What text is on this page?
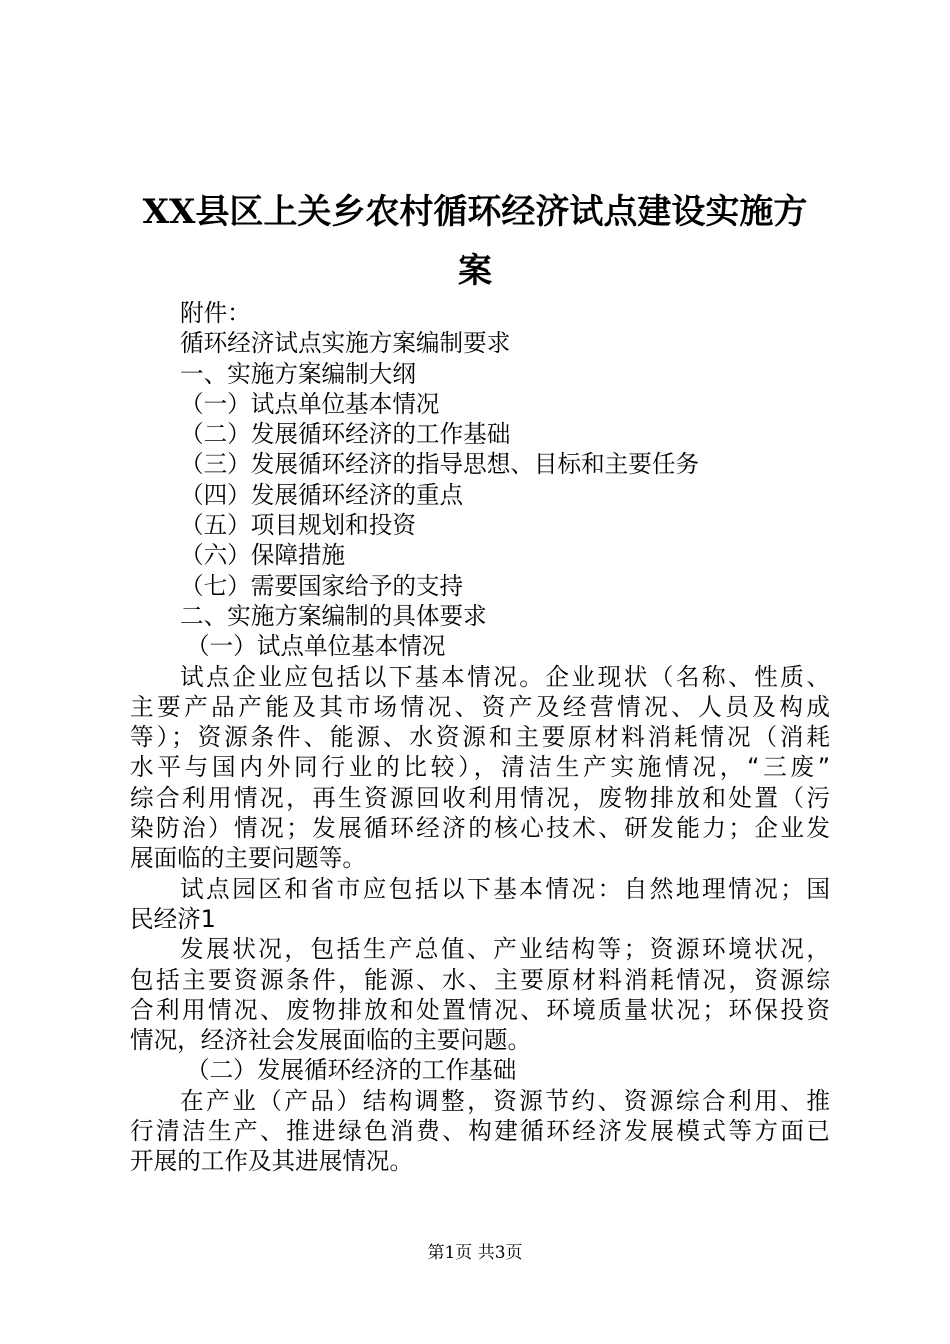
XX县区上关乡农村循环经济试点建设实施方
案
附件：
循环经济试点实施方案编制要求
一、实施方案编制大纲
（一）试点单位基本情况
（二）发展循环经济的工作基础
（三）发展循环经济的指导思想、目标和主要任务
（四）发展循环经济的重点
（五）项目规划和投资
（六）保障措施
（七）需要国家给予的支持
二、实施方案编制的具体要求
（一）试点单位基本情况
试点企业应包括以下基本情况。企业现状（名称、性质、
主要产品产能及其市场情况、资产及经营情况、人员及构成
等）；资源条件、能源、水资源和主要原材料消耗情况（消耗
水平与国内外同行业的比较），清洁生产实施情况，“三废”
综合利用情况，再生资源回收利用情况，废物排放和处置（污
染防治）情况；发展循环经济的核心技术、研发能力；企业发
展面临的主要问题等。
试点园区和省市应包括以下基本情况：自然地理情况；国
民经济1
发展状况，包括生产总值、产业结构等；资源环境状况，
包括主要资源条件，能源、水、主要原材料消耗情况，资源综
合利用情况、废物排放和处置情况、环境质量状况；环保投资
情况，经济社会发展面临的主要问题。
（二）发展循环经济的工作基础
在产业（产品）结构调整，资源节约、资源综合利用、推
行清洁生产、推进绿色消费、构建循环经济发展模式等方面已
开展的工作及其进展情况。
第1页 共3页
